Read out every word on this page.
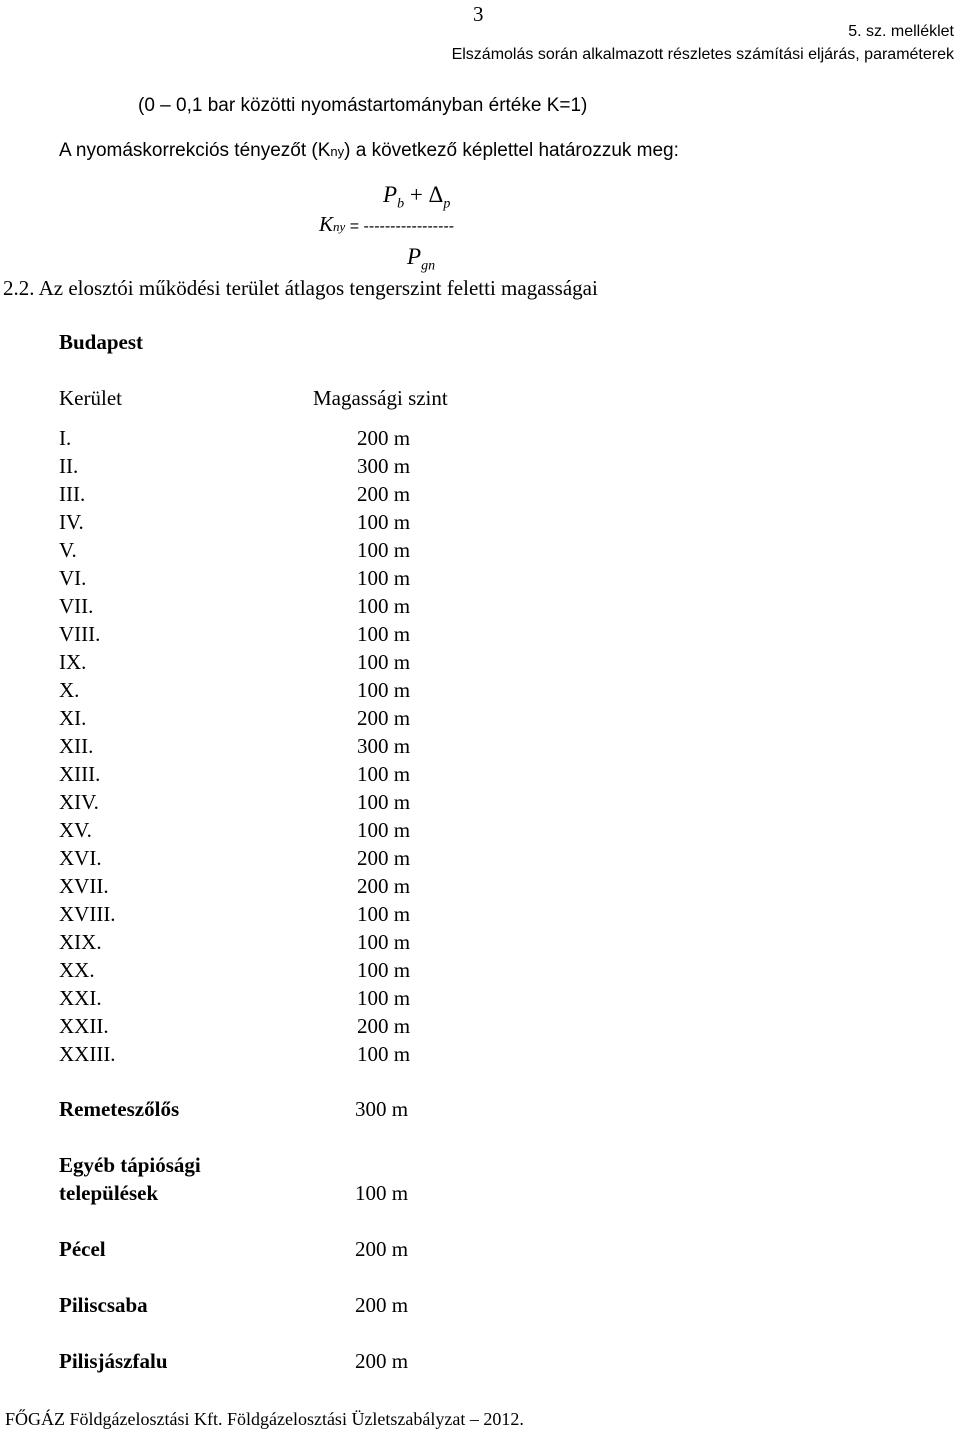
3
5. sz. melléklet
Elszámolás során alkalmazott részletes számítási eljárás, paraméterek
(0 – 0,1 bar közötti nyomástartományban értéke K=1)
A nyomáskorrekciós tényezőt (Kny) a következő képlettel határozzuk meg:
$P_b + \Delta_p$
Kny = -----------------
$P_{gn}$
2.2. Az elosztói működési terület átlagos tengerszint feletti magasságai
Budapest
Kerület	Magassági szint
I.	200 m
II.	300 m
III.	200 m
IV.	100 m
V.	100 m
VI.	100 m
VII.	100 m
VIII.	100 m
IX.	100 m
X.	100 m
XI.	200 m
XII.	300 m
XIII.	100 m
XIV.	100 m
XV.	100 m
XVI.	200 m
XVII.	200 m
XVIII.	100 m
XIX.	100 m
XX.	100 m
XXI.	100 m
XXII.	200 m
XXIII.	100 m
Remeteszőlős	300 m
Egyéb tápiósági
települések	100 m
Pécel	200 m
Piliscsaba	200 m
Pilisjászfalu	200 m
FŐGÁZ Földgázelosztási Kft. Földgázelosztási Üzletszabályzat – 2012.
